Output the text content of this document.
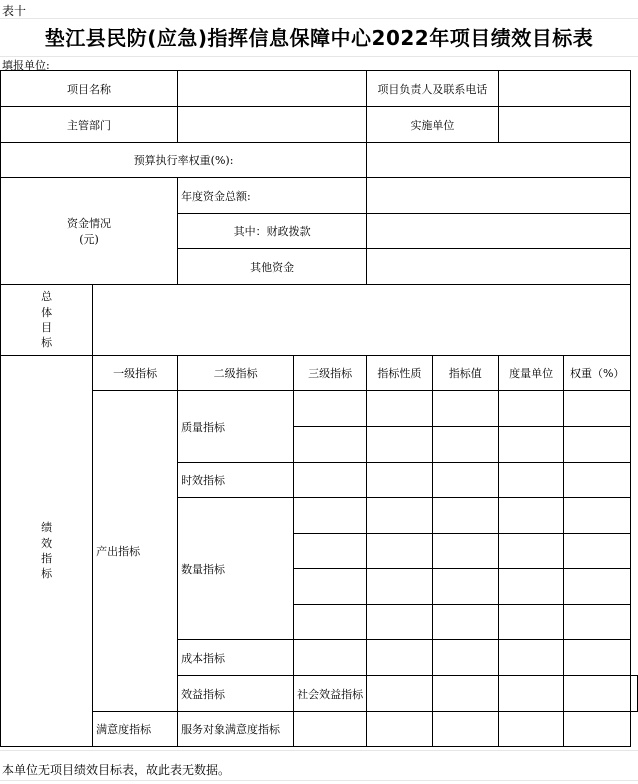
表十
垫江县民防(应急)指挥信息保障中心2022年项目绩效目标表
填报单位:
项目名称				项目负责人及联系电话				
主管部门				实施单位				
预算执行率权重(%):								

资金情况
(元)		年度资金总额:						
		其中：财政拨款						
		其他资金						
总体目标								
绩效指标	一级指标	二级指标	三级指标	指标性质	指标值	度量单位	权重（%）	
	产出指标	质量指标						

		时效指标						
		数量指标						

		成本指标						
		效益指标	社会效益指标					
	满意度指标	服务对象满意度指标						
本单位无项目绩效目标表，故此表无数据。
